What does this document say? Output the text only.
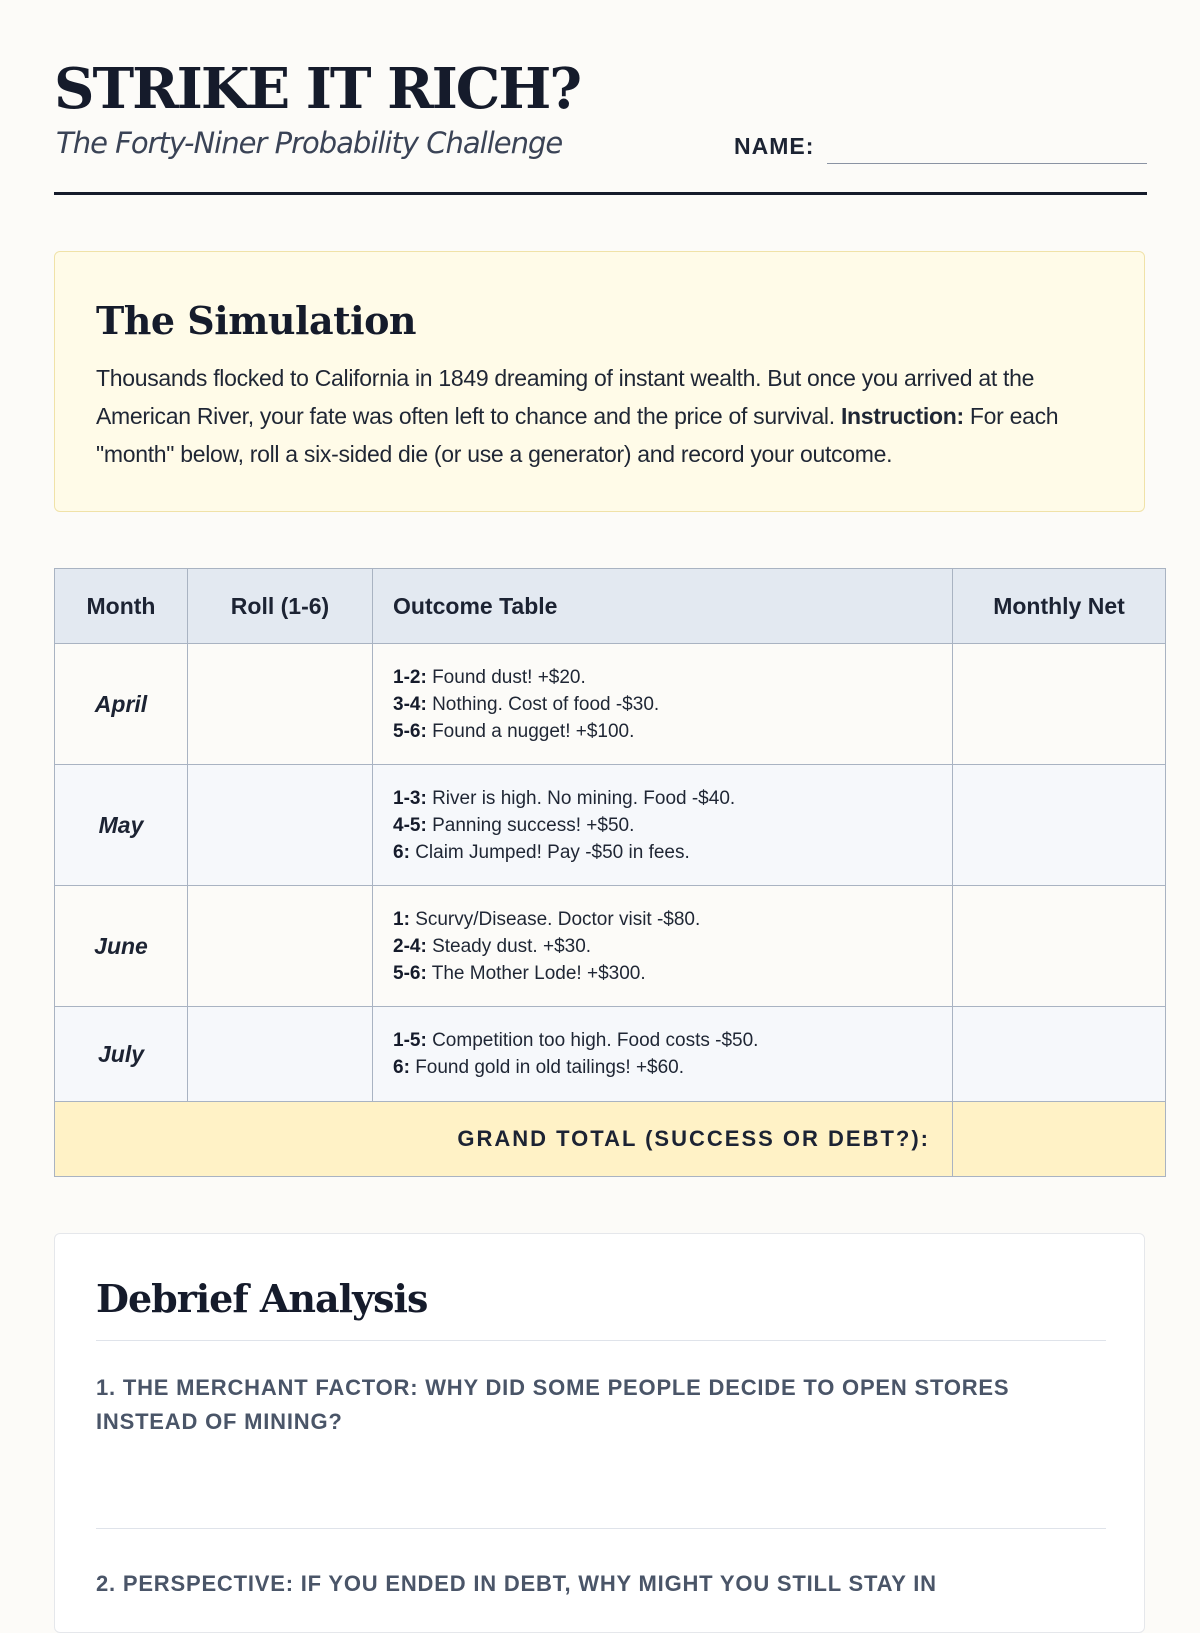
STRIKE IT RICH?
The Forty-Niner Probability Challenge	NAME:
The Simulation

Thousands flocked to California in 1849 dreaming of instant wealth. But once you arrived at the American River, your fate was often left to chance and the price of survival. Instruction: For each "month" below, roll a six-sided die (or use a generator) and record your outcome.

Month	Roll (1-6)	Outcome Table	Monthly Net
April		1-2: Found dust! +$20.
3-4: Nothing. Cost of food -$30.
5-6: Found a nugget! +$100.	

May		1-3: River is high. No mining. Food -$40.
4-5: Panning success! +$50.
6: Claim Jumped! Pay -$50 in fees.	

June		1: Scurvy/Disease. Doctor visit -$80.
2-4: Steady dust. +$30.
5-6: The Mother Lode! +$300.	

July		1-5: Competition too high. Food costs -$50.
6: Found gold in old tailings! +$60.	

GRAND TOTAL (SUCCESS OR DEBT?):			
Debrief Analysis

1. THE MERCHANT FACTOR: WHY DID SOME PEOPLE DECIDE TO OPEN STORES INSTEAD OF MINING?

2. PERSPECTIVE: IF YOU ENDED IN DEBT, WHY MIGHT YOU STILL STAY IN
